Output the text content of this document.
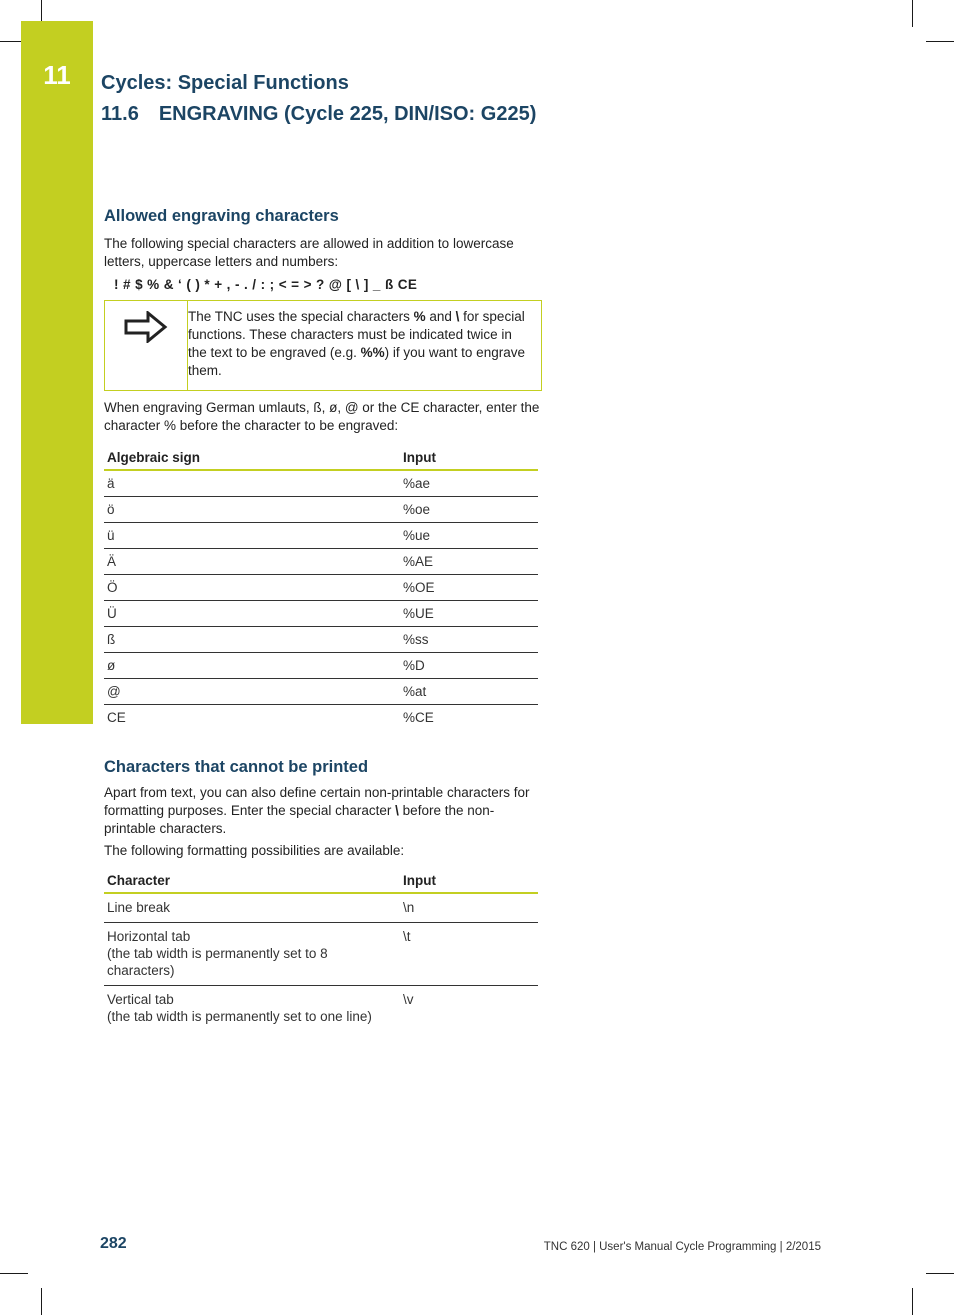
11	Cycles: Special Functions
11.6 ENGRAVING (Cycle 225, DIN/ISO: G225)
Allowed engraving characters

The following special characters are allowed in addition to lowercase letters, uppercase letters and numbers:

! # $ % & ‘ ( ) * + , - . / : ; < = > ? @ [ \ ] _ ß CE

The TNC uses the special characters % and \ for special functions. These characters must be indicated twice in the text to be engraved (e.g. %%) if you want to engrave them.

When engraving German umlauts, ß, ø, @ or the CE character, enter the character % before the character to be engraved:

Algebraic sign	Input
ä	%ae
ö	%oe
ü	%ue
Ä	%AE
Ö	%OE
Ü	%UE
ß	%ss
ø	%D
@	%at
CE	%CE
Characters that cannot be printed

Apart from text, you can also define certain non-printable characters for formatting purposes. Enter the special character \ before the non-printable characters.

The following formatting possibilities are available:

Character	Input

Line break	\n

Horizontal tab
(the tab width is permanently set to 8 characters)	\t

Vertical tab
(the tab width is permanently set to one line)	\v
282	TNC 620 | User's Manual Cycle Programming | 2/2015
